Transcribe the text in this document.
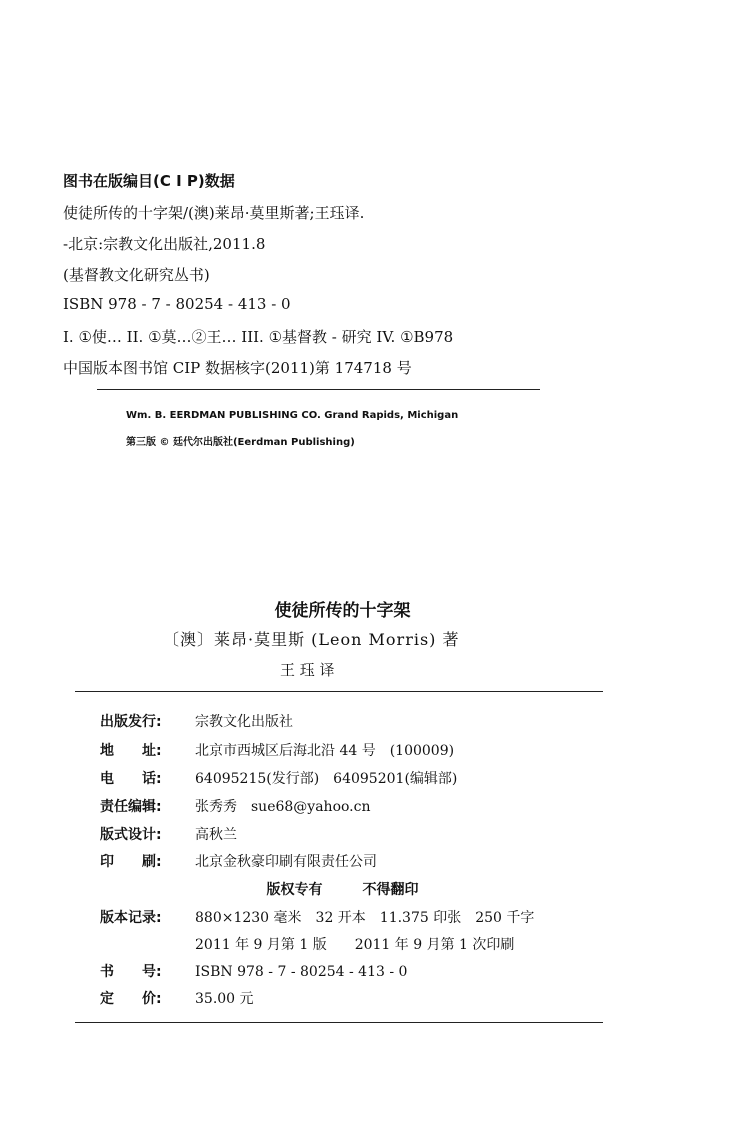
图书在版编目(C I P)数据
使徒所传的十字架/(澳)莱昂·莫里斯著;王珏译.
-北京:宗教文化出版社,2011.8
(基督教文化研究丛书)
ISBN 978 - 7 - 80254 - 413 - 0
I. ①使… II. ①莫…②王… III. ①基督教 - 研究 IV. ①B978
中国版本图书馆 CIP 数据核字(2011)第 174718 号
Wm. B. EERDMAN PUBLISHING CO. Grand Rapids, Michigan
第三版 © 廷代尔出版社(Eerdman Publishing)
使徒所传的十字架
〔澳〕莱昂·莫里斯 (Leon Morris) 著
王 珏 译
出版发行:	宗教文化出版社
地　　址:	北京市西城区后海北沿 44 号　(100009)
电　　话:	64095215(发行部)　64095201(编辑部)
责任编辑:	张秀秀　sue68@yahoo.cn
版式设计:	高秋兰
印　　刷:	北京金秋豪印刷有限责任公司
版权专有	不得翻印
版本记录:	880×1230 毫米　32 开本　11.375 印张　250 千字
2011 年 9 月第 1 版　　2011 年 9 月第 1 次印刷
书　　号:	ISBN 978 - 7 - 80254 - 413 - 0
定　　价:	35.00 元
